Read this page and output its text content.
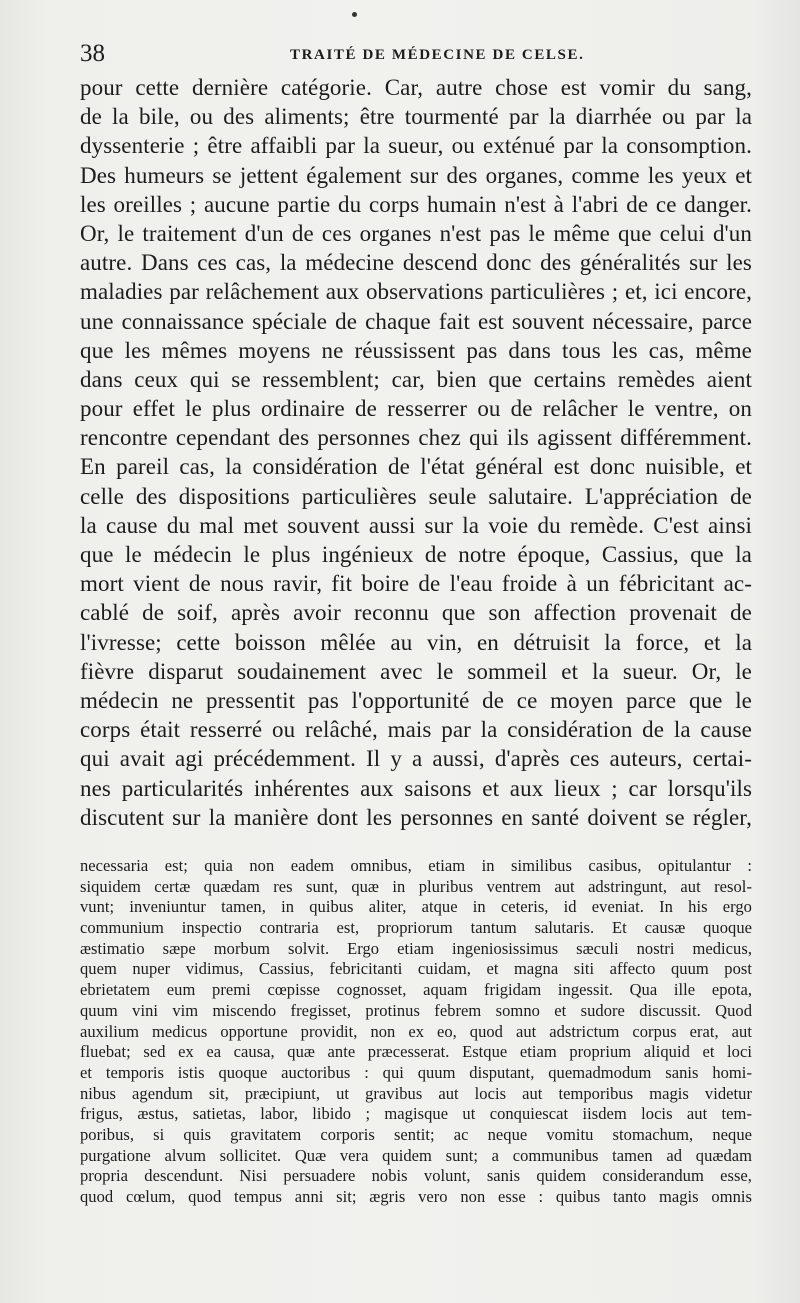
38	TRAITÉ DE MÉDECINE DE CELSE.
pour cette dernière catégorie. Car, autre chose est vomir du sang,
de la bile, ou des aliments; être tourmenté par la diarrhée ou par la
dyssenterie ; être affaibli par la sueur, ou exténué par la consomption.
Des humeurs se jettent également sur des organes, comme les yeux et
les oreilles ; aucune partie du corps humain n'est à l'abri de ce danger.
Or, le traitement d'un de ces organes n'est pas le même que celui d'un
autre. Dans ces cas, la médecine descend donc des généralités sur les
maladies par relâchement aux observations particulières ; et, ici encore,
une connaissance spéciale de chaque fait est souvent nécessaire, parce
que les mêmes moyens ne réussissent pas dans tous les cas, même
dans ceux qui se ressemblent; car, bien que certains remèdes aient
pour effet le plus ordinaire de resserrer ou de relâcher le ventre, on
rencontre cependant des personnes chez qui ils agissent différemment.
En pareil cas, la considération de l'état général est donc nuisible, et
celle des dispositions particulières seule salutaire. L'appréciation de
la cause du mal met souvent aussi sur la voie du remède. C'est ainsi
que le médecin le plus ingénieux de notre époque, Cassius, que la
mort vient de nous ravir, fit boire de l'eau froide à un fébricitant ac-
cablé de soif, après avoir reconnu que son affection provenait de
l'ivresse; cette boisson mêlée au vin, en détruisit la force, et la
fièvre disparut soudainement avec le sommeil et la sueur. Or, le
médecin ne pressentit pas l'opportunité de ce moyen parce que le
corps était resserré ou relâché, mais par la considération de la cause
qui avait agi précédemment. Il y a aussi, d'après ces auteurs, certai-
nes particularités inhérentes aux saisons et aux lieux ; car lorsqu'ils
discutent sur la manière dont les personnes en santé doivent se régler,
necessaria est; quia non eadem omnibus, etiam in similibus casibus, opitulantur :
siquidem certæ quædam res sunt, quæ in pluribus ventrem aut adstringunt, aut resol-
vunt; inveniuntur tamen, in quibus aliter, atque in ceteris, id eveniat. In his ergo
communium inspectio contraria est, propriorum tantum salutaris. Et causæ quoque
æstimatio sæpe morbum solvit. Ergo etiam ingeniosissimus sæculi nostri medicus,
quem nuper vidimus, Cassius, febricitanti cuidam, et magna siti affecto quum post
ebrietatem eum premi cœpisse cognosset, aquam frigidam ingessit. Qua ille epota,
quum vini vim miscendo fregisset, protinus febrem somno et sudore discussit. Quod
auxilium medicus opportune providit, non ex eo, quod aut adstrictum corpus erat, aut
fluebat; sed ex ea causa, quæ ante præcesserat. Estque etiam proprium aliquid et loci
et temporis istis quoque auctoribus : qui quum disputant, quemadmodum sanis homi-
nibus agendum sit, præcipiunt, ut gravibus aut locis aut temporibus magis videtur
frigus, æstus, satietas, labor, libido ; magisque ut conquiescat iisdem locis aut tem-
poribus, si quis gravitatem corporis sentit; ac neque vomitu stomachum, neque
purgatione alvum sollicitet. Quæ vera quidem sunt; a communibus tamen ad quædam
propria descendunt. Nisi persuadere nobis volunt, sanis quidem considerandum esse,
quod cœlum, quod tempus anni sit; ægris vero non esse : quibus tanto magis omnis
